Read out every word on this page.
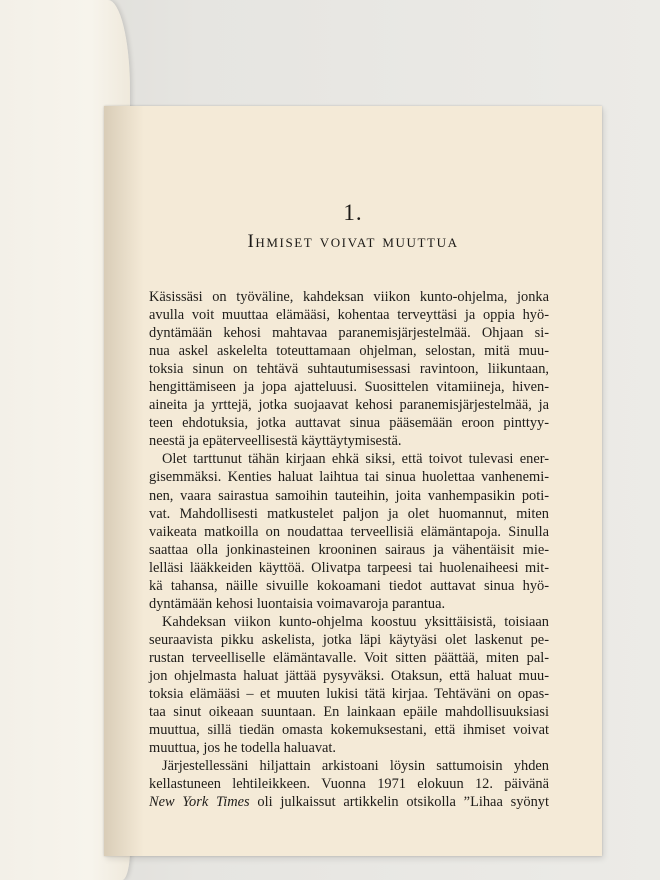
1.
Ihmiset voivat muuttua
Käsissäsi on työväline, kahdeksan viikon kunto-ohjelma, jonka
avulla voit muuttaa elämääsi, kohentaa terveyttäsi ja oppia hyö-
dyntämään kehosi mahtavaa paranemisjärjestelmää. Ohjaan si-
nua askel askelelta toteuttamaan ohjelman, selostan, mitä muu-
toksia sinun on tehtävä suhtautumisessasi ravintoon, liikuntaan,
hengittämiseen ja jopa ajatteluusi. Suosittelen vitamiineja, hiven-
aineita ja yrttejä, jotka suojaavat kehosi paranemisjärjestelmää, ja
teen ehdotuksia, jotka auttavat sinua pääsemään eroon pinttyy-
neestä ja epäterveellisestä käyttäytymisestä.
Olet tarttunut tähän kirjaan ehkä siksi, että toivot tulevasi ener-
gisemmäksi. Kenties haluat laihtua tai sinua huolettaa vanhenemi-
nen, vaara sairastua samoihin tauteihin, joita vanhempasikin poti-
vat. Mahdollisesti matkustelet paljon ja olet huomannut, miten
vaikeata matkoilla on noudattaa terveellisiä elämäntapoja. Sinulla
saattaa olla jonkinasteinen krooninen sairaus ja vähentäisit mie-
lelläsi lääkkeiden käyttöä. Olivatpa tarpeesi tai huolenaiheesi mit-
kä tahansa, näille sivuille kokoamani tiedot auttavat sinua hyö-
dyntämään kehosi luontaisia voimavaroja parantua.
Kahdeksan viikon kunto-ohjelma koostuu yksittäisistä, toisiaan
seuraavista pikku askelista, jotka läpi käytyäsi olet laskenut pe-
rustan terveelliselle elämäntavalle. Voit sitten päättää, miten pal-
jon ohjelmasta haluat jättää pysyväksi. Otaksun, että haluat muu-
toksia elämääsi – et muuten lukisi tätä kirjaa. Tehtäväni on opas-
taa sinut oikeaan suuntaan. En lainkaan epäile mahdollisuuksiasi
muuttua, sillä tiedän omasta kokemuksestani, että ihmiset voivat
muuttua, jos he todella haluavat.
Järjestellessäni hiljattain arkistoani löysin sattumoisin yhden
kellastuneen lehtileikkeen. Vuonna 1971 elokuun 12. päivänä
New York Times oli julkaissut artikkelin otsikolla ”Lihaa syönyt
